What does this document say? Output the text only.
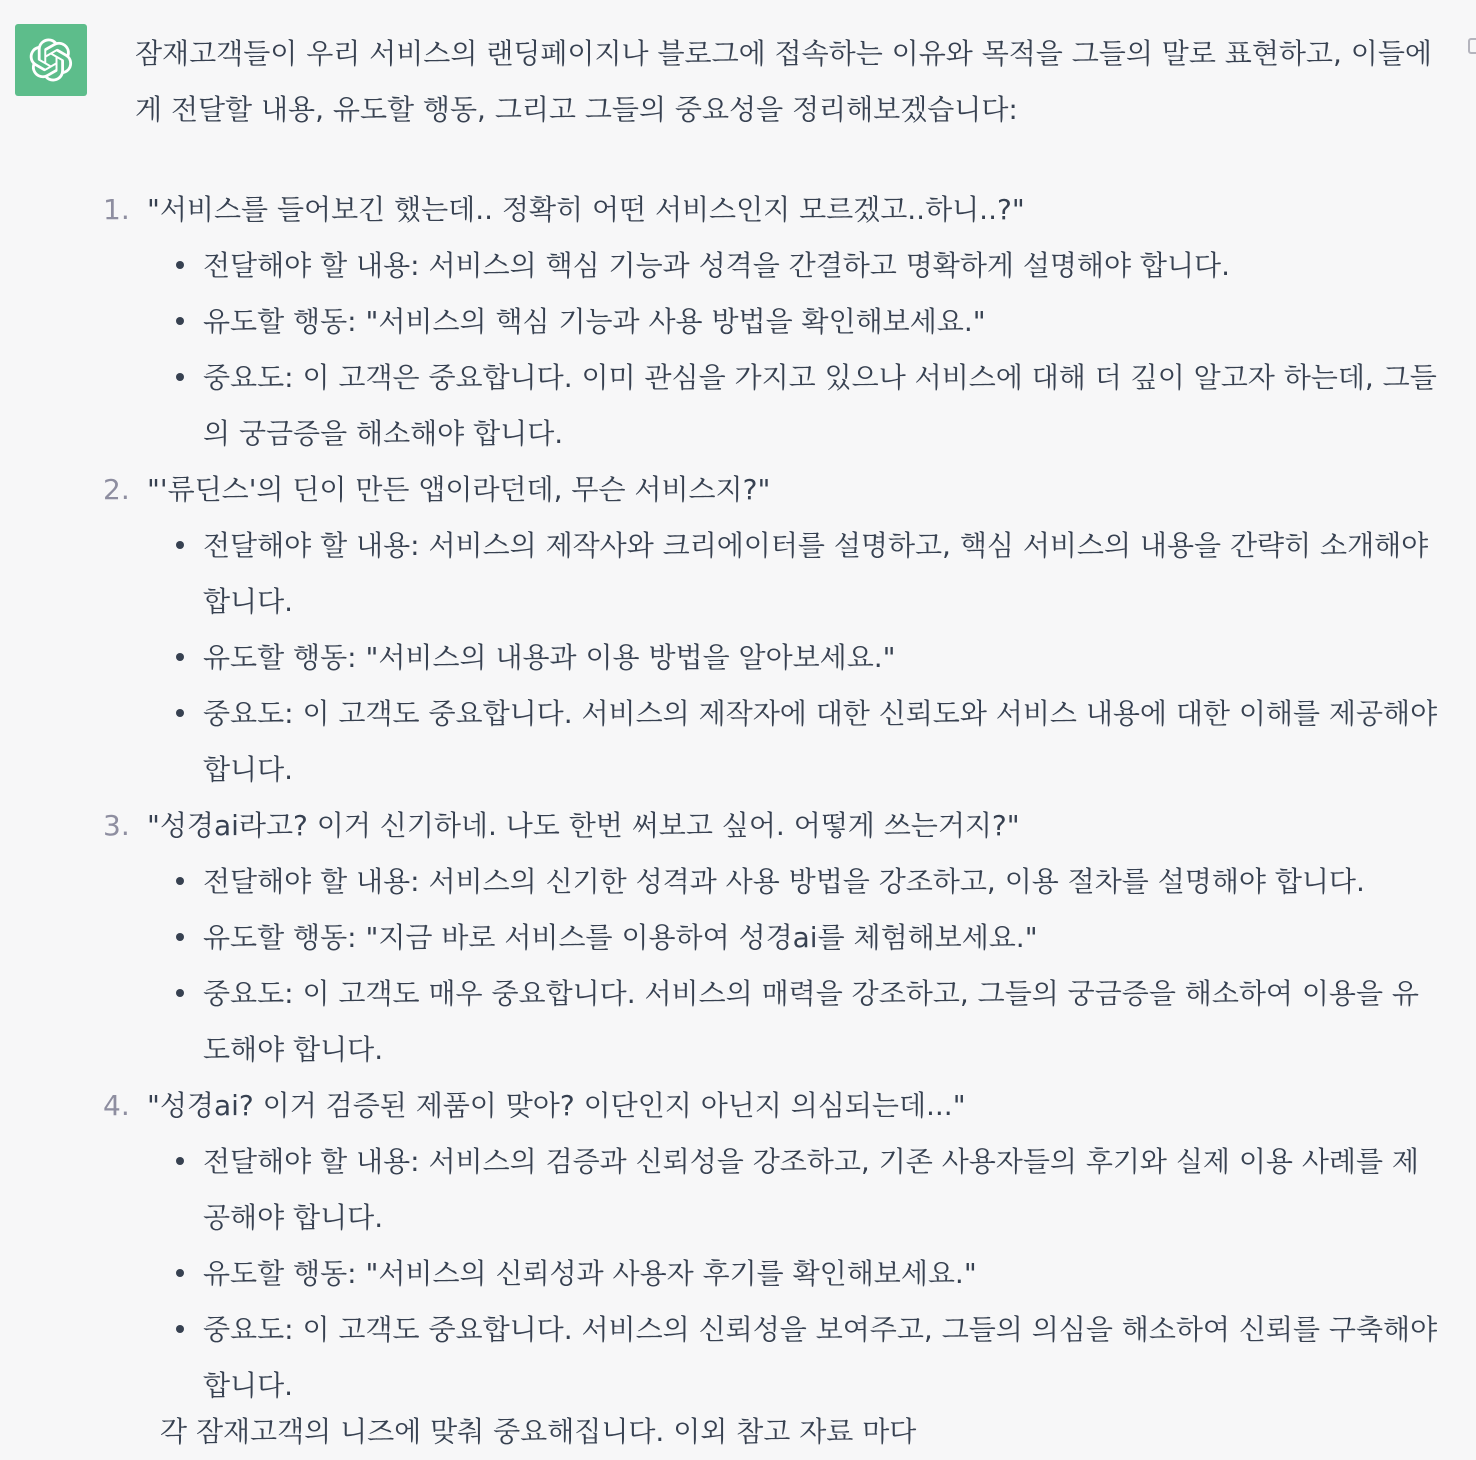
잠재고객들이 우리 서비스의 랜딩페이지나 블로그에 접속하는 이유와 목적을 그들의 말로 표현하고, 이들에게 전달할 내용, 유도할 행동, 그리고 그들의 중요성을 정리해보겠습니다:

1. "서비스를 들어보긴 했는데.. 정확히 어떤 서비스인지 모르겠고..하니..?"
전달해야 할 내용: 서비스의 핵심 기능과 성격을 간결하고 명확하게 설명해야 합니다.
유도할 행동: "서비스의 핵심 기능과 사용 방법을 확인해보세요."
중요도: 이 고객은 중요합니다. 이미 관심을 가지고 있으나 서비스에 대해 더 깊이 알고자 하는데, 그들의 궁금증을 해소해야 합니다.
2. "'류딘스'의 딘이 만든 앱이라던데, 무슨 서비스지?"
전달해야 할 내용: 서비스의 제작사와 크리에이터를 설명하고, 핵심 서비스의 내용을 간략히 소개해야 합니다.
유도할 행동: "서비스의 내용과 이용 방법을 알아보세요."
중요도: 이 고객도 중요합니다. 서비스의 제작자에 대한 신뢰도와 서비스 내용에 대한 이해를 제공해야 합니다.
3. "성경ai라고? 이거 신기하네. 나도 한번 써보고 싶어. 어떻게 쓰는거지?"
전달해야 할 내용: 서비스의 신기한 성격과 사용 방법을 강조하고, 이용 절차를 설명해야 합니다.
유도할 행동: "지금 바로 서비스를 이용하여 성경ai를 체험해보세요."
중요도: 이 고객도 매우 중요합니다. 서비스의 매력을 강조하고, 그들의 궁금증을 해소하여 이용을 유도해야 합니다.
4. "성경ai? 이거 검증된 제품이 맞아? 이단인지 아닌지 의심되는데..."
전달해야 할 내용: 서비스의 검증과 신뢰성을 강조하고, 기존 사용자들의 후기와 실제 이용 사례를 제공해야 합니다.
유도할 행동: "서비스의 신뢰성과 사용자 후기를 확인해보세요."
중요도: 이 고객도 중요합니다. 서비스의 신뢰성을 보여주고, 그들의 의심을 해소하여 신뢰를 구축해야 합니다.
각 잠재고객의 니즈에 맞춰 중요해집니다. 이외 참고 자료 마다
